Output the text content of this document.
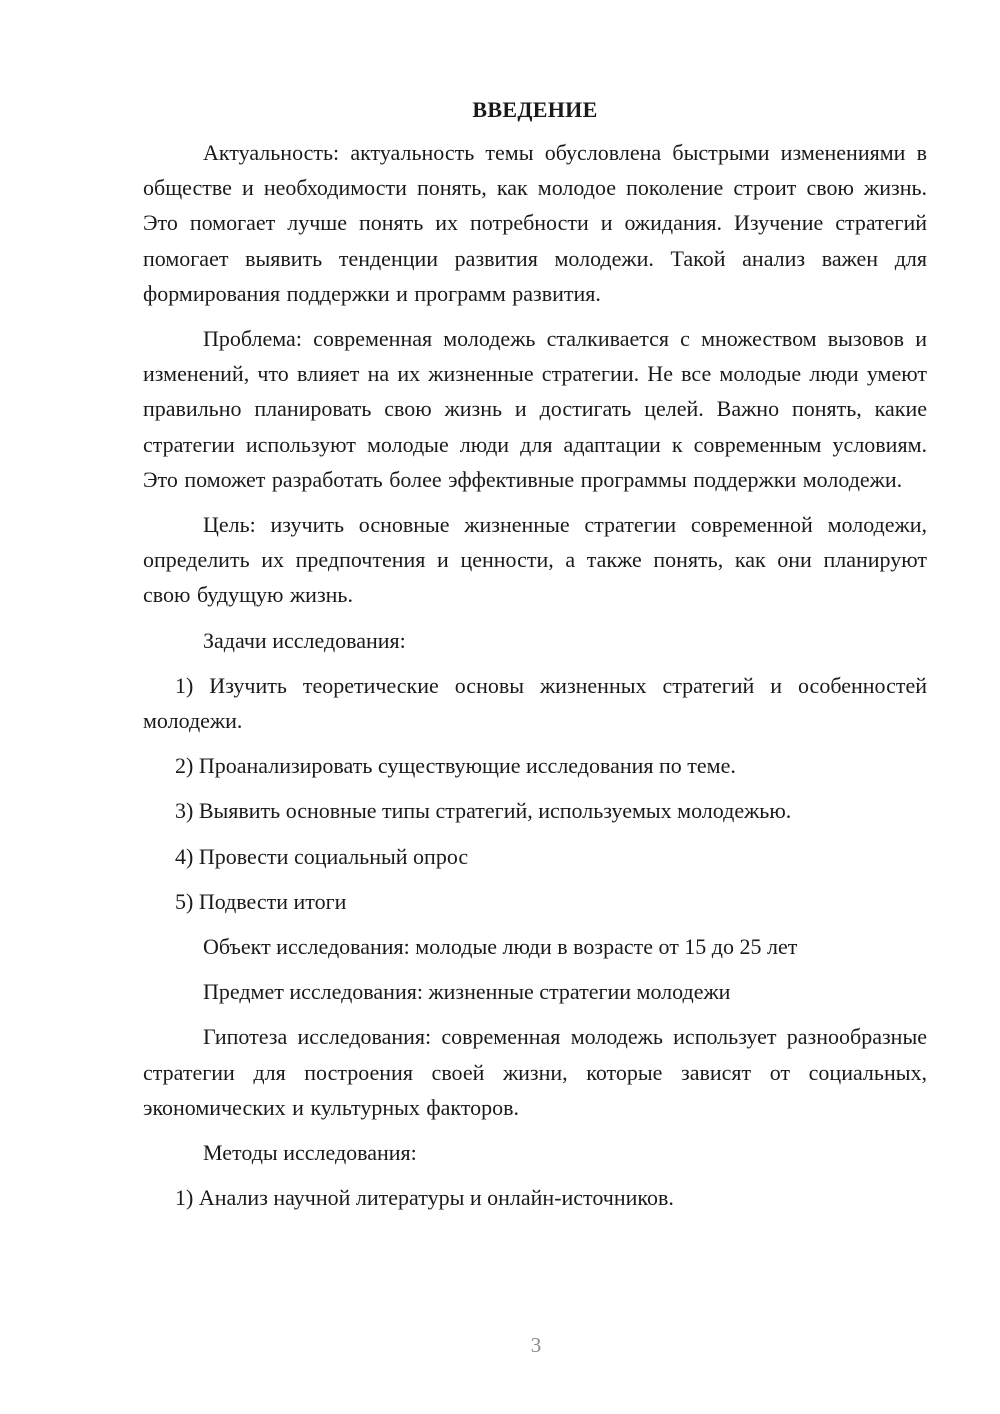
ВВЕДЕНИЕ

Актуальность: актуальность темы обусловлена быстрыми изменениями в обществе и необходимости понять, как молодое поколение строит свою жизнь. Это помогает лучше понять их потребности и ожидания. Изучение стратегий помогает выявить тенденции развития молодежи. Такой анализ важен для формирования поддержки и программ развития.

Проблема: современная молодежь сталкивается с множеством вызовов и изменений, что влияет на их жизненные стратегии. Не все молодые люди умеют правильно планировать свою жизнь и достигать целей. Важно понять, какие стратегии используют молодые люди для адаптации к современным условиям. Это поможет разработать более эффективные программы поддержки молодежи.

Цель: изучить основные жизненные стратегии современной молодежи, определить их предпочтения и ценности, а также понять, как они планируют свою будущую жизнь.

Задачи исследования:

1) Изучить теоретические основы жизненных стратегий и особенностей молодежи.

2) Проанализировать существующие исследования по теме.

3) Выявить основные типы стратегий, используемых молодежью.

4) Провести социальный опрос

5) Подвести итоги

Объект исследования: молодые люди в возрасте от 15 до 25 лет

Предмет исследования: жизненные стратегии молодежи

Гипотеза исследования: современная молодежь использует разнообразные стратегии для построения своей жизни, которые зависят от социальных, экономических и культурных факторов.

Методы исследования:

1) Анализ научной литературы и онлайн-источников.

3
